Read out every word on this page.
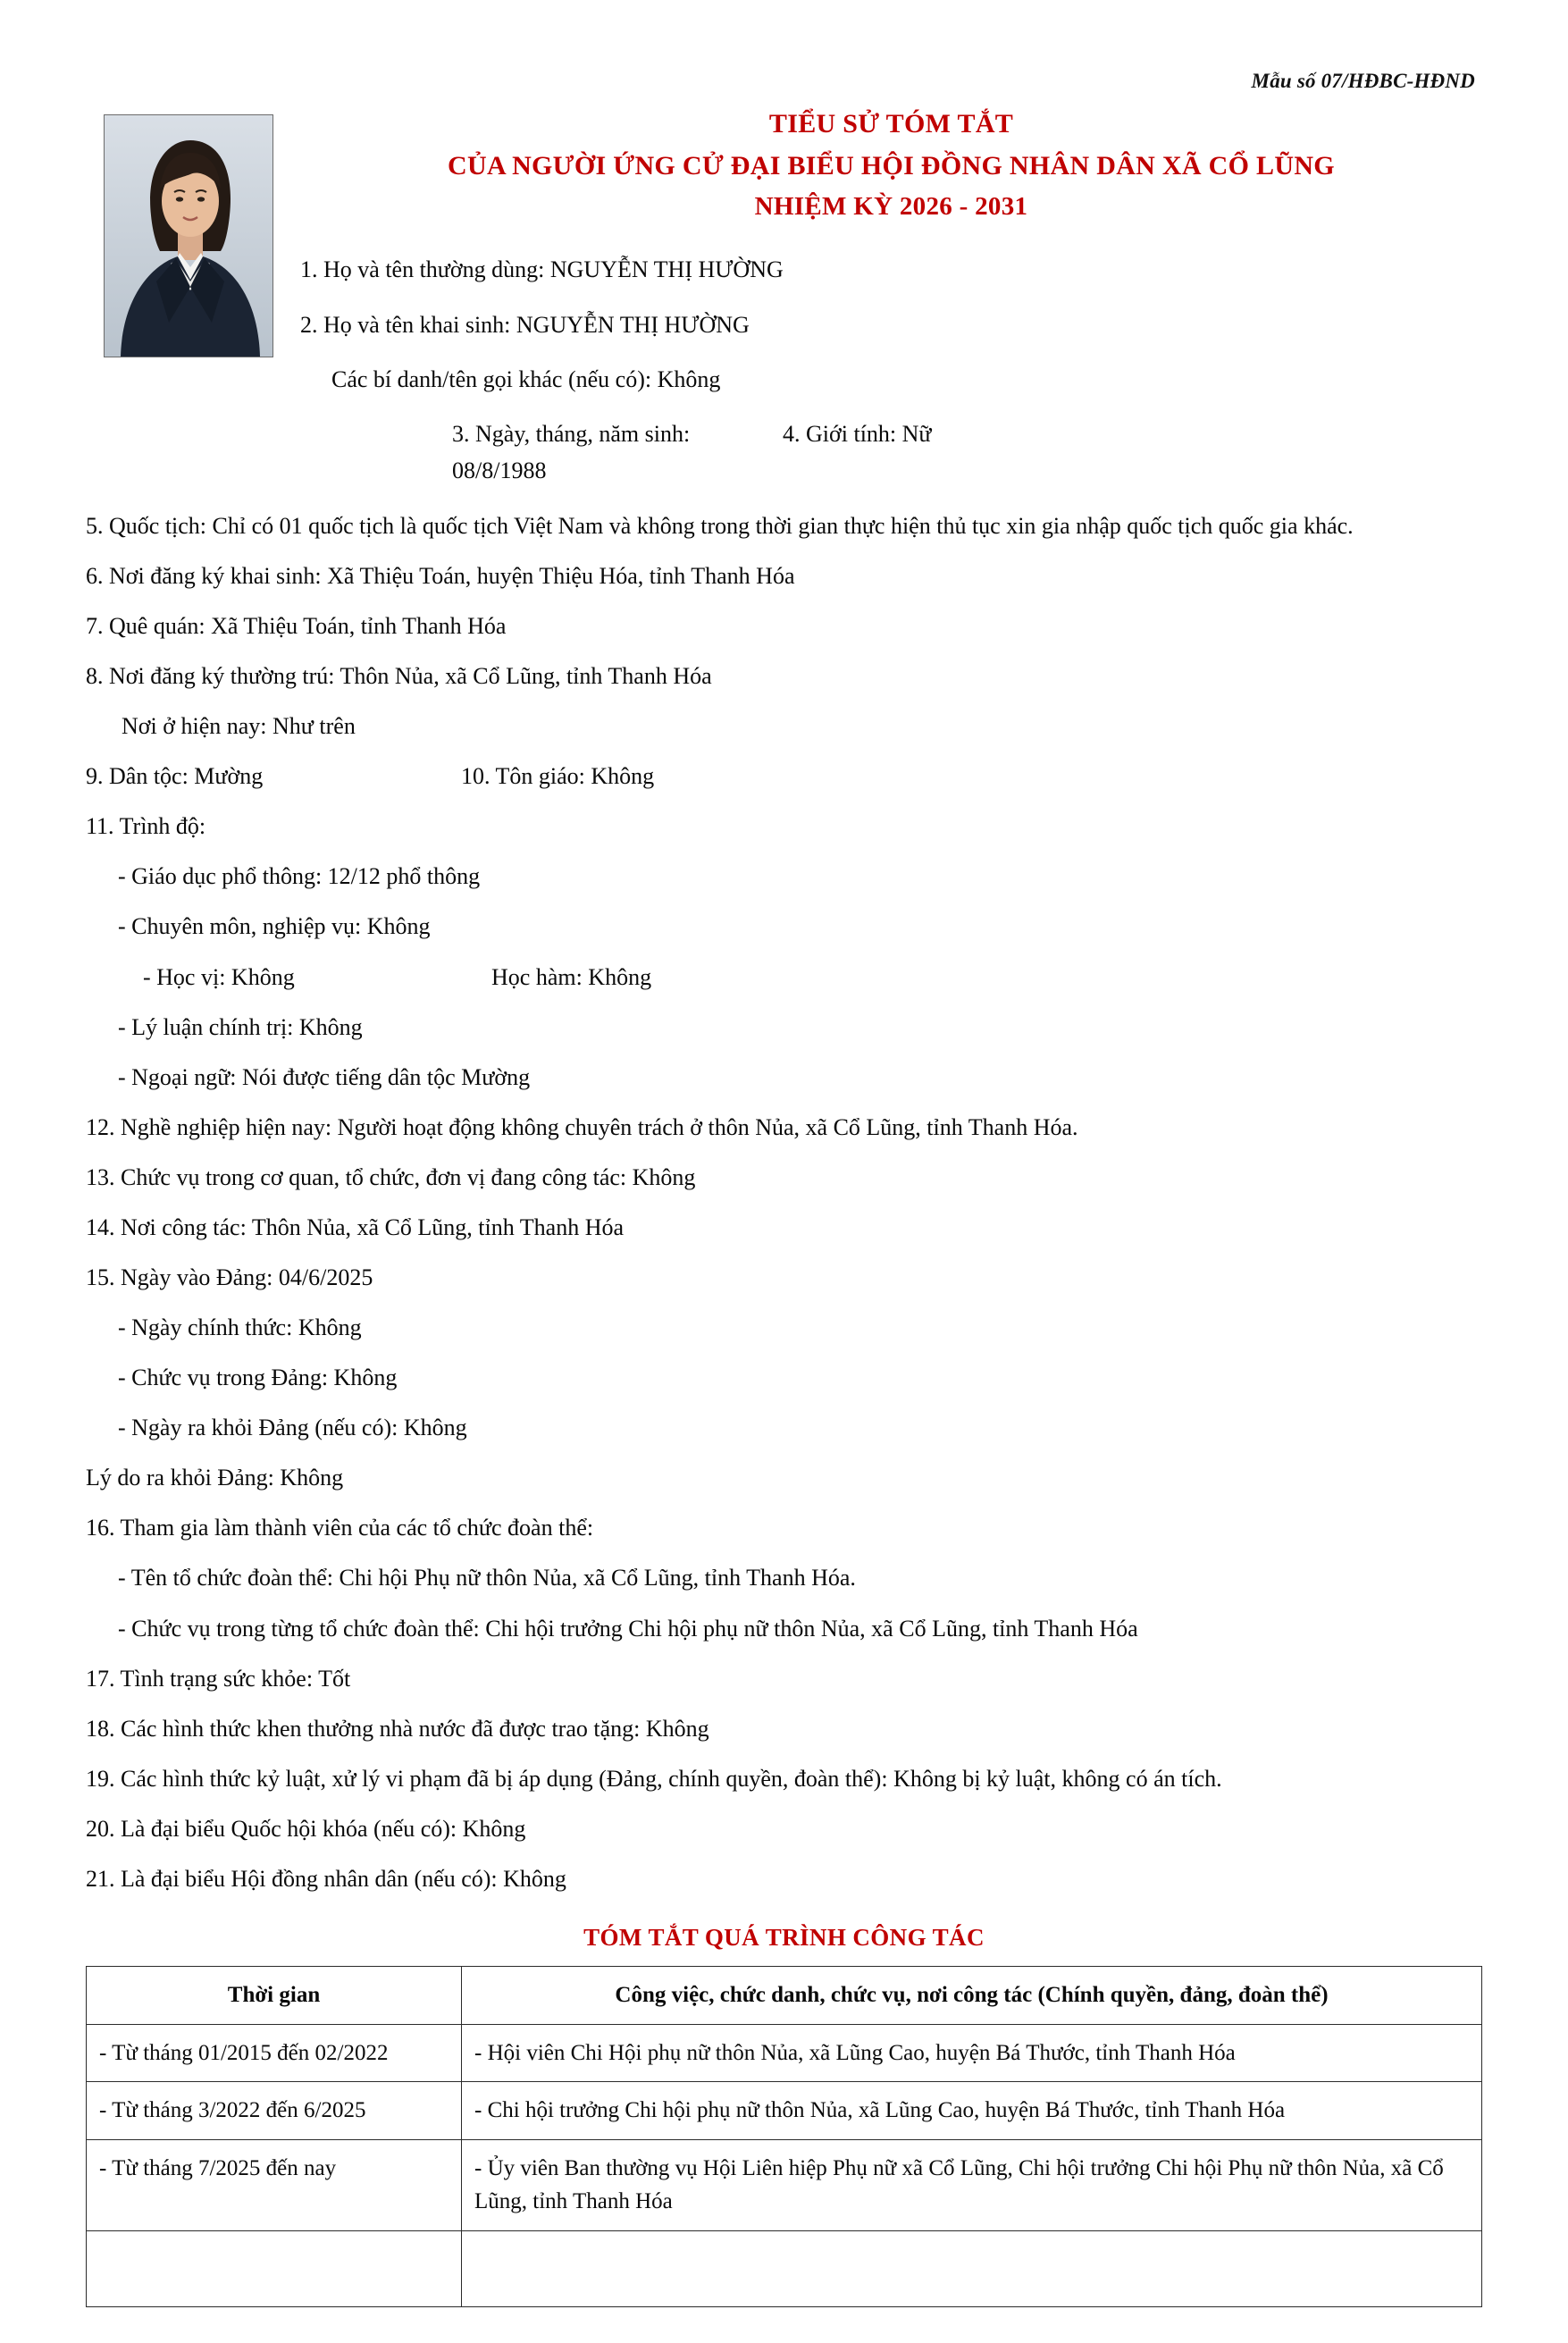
Mẫu số 07/HĐBC-HĐND
TIỂU SỬ TÓM TẮT
CỦA NGƯỜI ỨNG CỬ ĐẠI BIỂU HỘI ĐỒNG NHÂN DÂN XÃ CỔ LŨNG
NHIỆM KỲ 2026 - 2031
1. Họ và tên thường dùng: NGUYỄN THỊ HƯỜNG
2. Họ và tên khai sinh: NGUYỄN THỊ HƯỜNG
Các bí danh/tên gọi khác (nếu có): Không
3. Ngày, tháng, năm sinh: 08/8/1988
4. Giới tính: Nữ
5. Quốc tịch: Chỉ có 01 quốc tịch là quốc tịch Việt Nam và không trong thời gian thực hiện thủ tục xin gia nhập quốc tịch quốc gia khác.
6. Nơi đăng ký khai sinh: Xã Thiệu Toán, huyện Thiệu Hóa, tỉnh Thanh Hóa
7. Quê quán: Xã Thiệu Toán, tỉnh Thanh Hóa
8. Nơi đăng ký thường trú: Thôn Nủa, xã Cổ Lũng, tỉnh Thanh Hóa
Nơi ở hiện nay: Như trên
9. Dân tộc: Mường	10. Tôn giáo: Không
11. Trình độ:
- Giáo dục phổ thông: 12/12 phổ thông
- Chuyên môn, nghiệp vụ: Không
- Học vị: Không	Học hàm: Không
- Lý luận chính trị: Không
- Ngoại ngữ: Nói được tiếng dân tộc Mường
12. Nghề nghiệp hiện nay: Người hoạt động không chuyên trách ở thôn Nủa, xã Cổ Lũng, tỉnh Thanh Hóa.
13. Chức vụ trong cơ quan, tổ chức, đơn vị đang công tác: Không
14. Nơi công tác: Thôn Nủa, xã Cổ Lũng, tỉnh Thanh Hóa
15. Ngày vào Đảng: 04/6/2025
- Ngày chính thức: Không
- Chức vụ trong Đảng: Không
- Ngày ra khỏi Đảng (nếu có): Không
Lý do ra khỏi Đảng: Không
16. Tham gia làm thành viên của các tổ chức đoàn thể:
- Tên tổ chức đoàn thể: Chi hội Phụ nữ thôn Nủa, xã Cổ Lũng, tỉnh Thanh Hóa.
- Chức vụ trong từng tổ chức đoàn thể: Chi hội trưởng Chi hội phụ nữ thôn Nủa, xã Cổ Lũng, tỉnh Thanh Hóa
17. Tình trạng sức khỏe: Tốt
18. Các hình thức khen thưởng nhà nước đã được trao tặng: Không
19. Các hình thức kỷ luật, xử lý vi phạm đã bị áp dụng (Đảng, chính quyền, đoàn thể): Không bị kỷ luật, không có án tích.
20. Là đại biểu Quốc hội khóa (nếu có): Không
21. Là đại biểu Hội đồng nhân dân (nếu có): Không
TÓM TẮT QUÁ TRÌNH CÔNG TÁC
Thời gian	Công việc, chức danh, chức vụ, nơi công tác (Chính quyền, đảng, đoàn thể)
- Từ tháng 01/2015 đến 02/2022	- Hội viên Chi Hội phụ nữ thôn Nủa, xã Lũng Cao, huyện Bá Thước, tỉnh Thanh Hóa
- Từ tháng 3/2022 đến 6/2025	- Chi hội trưởng Chi hội phụ nữ thôn Nủa, xã Lũng Cao, huyện Bá Thước, tỉnh Thanh Hóa
- Từ tháng 7/2025 đến nay	- Ủy viên Ban thường vụ Hội Liên hiệp Phụ nữ xã Cổ Lũng, Chi hội trưởng Chi hội Phụ nữ thôn Nủa, xã Cổ Lũng, tỉnh Thanh Hóa
